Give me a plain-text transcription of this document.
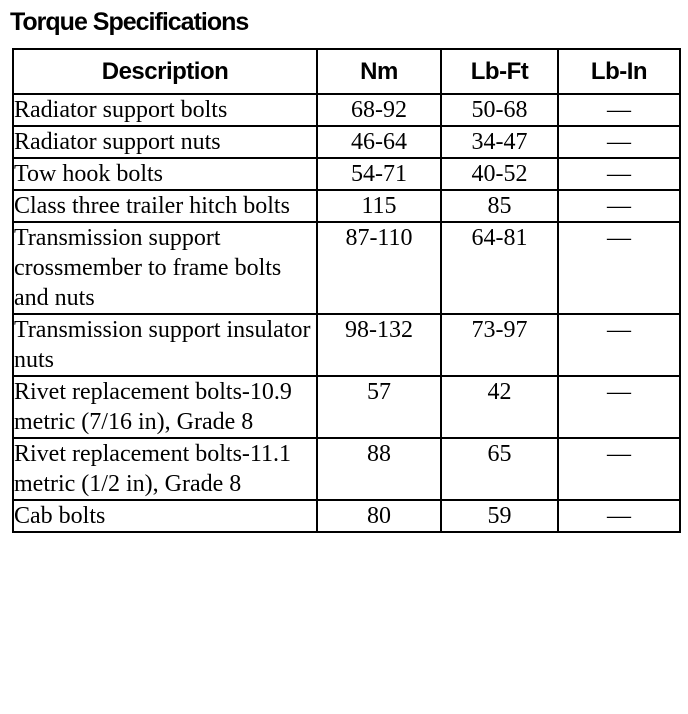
Torque Specifications
Description	Nm	Lb-Ft	Lb-In
Radiator support bolts	68-92	50-68	—
Radiator support nuts	46-64	34-47	—
Tow hook bolts	54-71	40-52	—
Class three trailer hitch bolts	115	85	—
Transmission support crossmember to frame bolts and nuts	87-110	64-81	—
Transmission support insulator nuts	98-132	73-97	—
Rivet replacement bolts-10.9 metric (7/16 in), Grade 8	57	42	—
Rivet replacement bolts-11.1 metric (1/2 in), Grade 8	88	65	—
Cab bolts	80	59	—
